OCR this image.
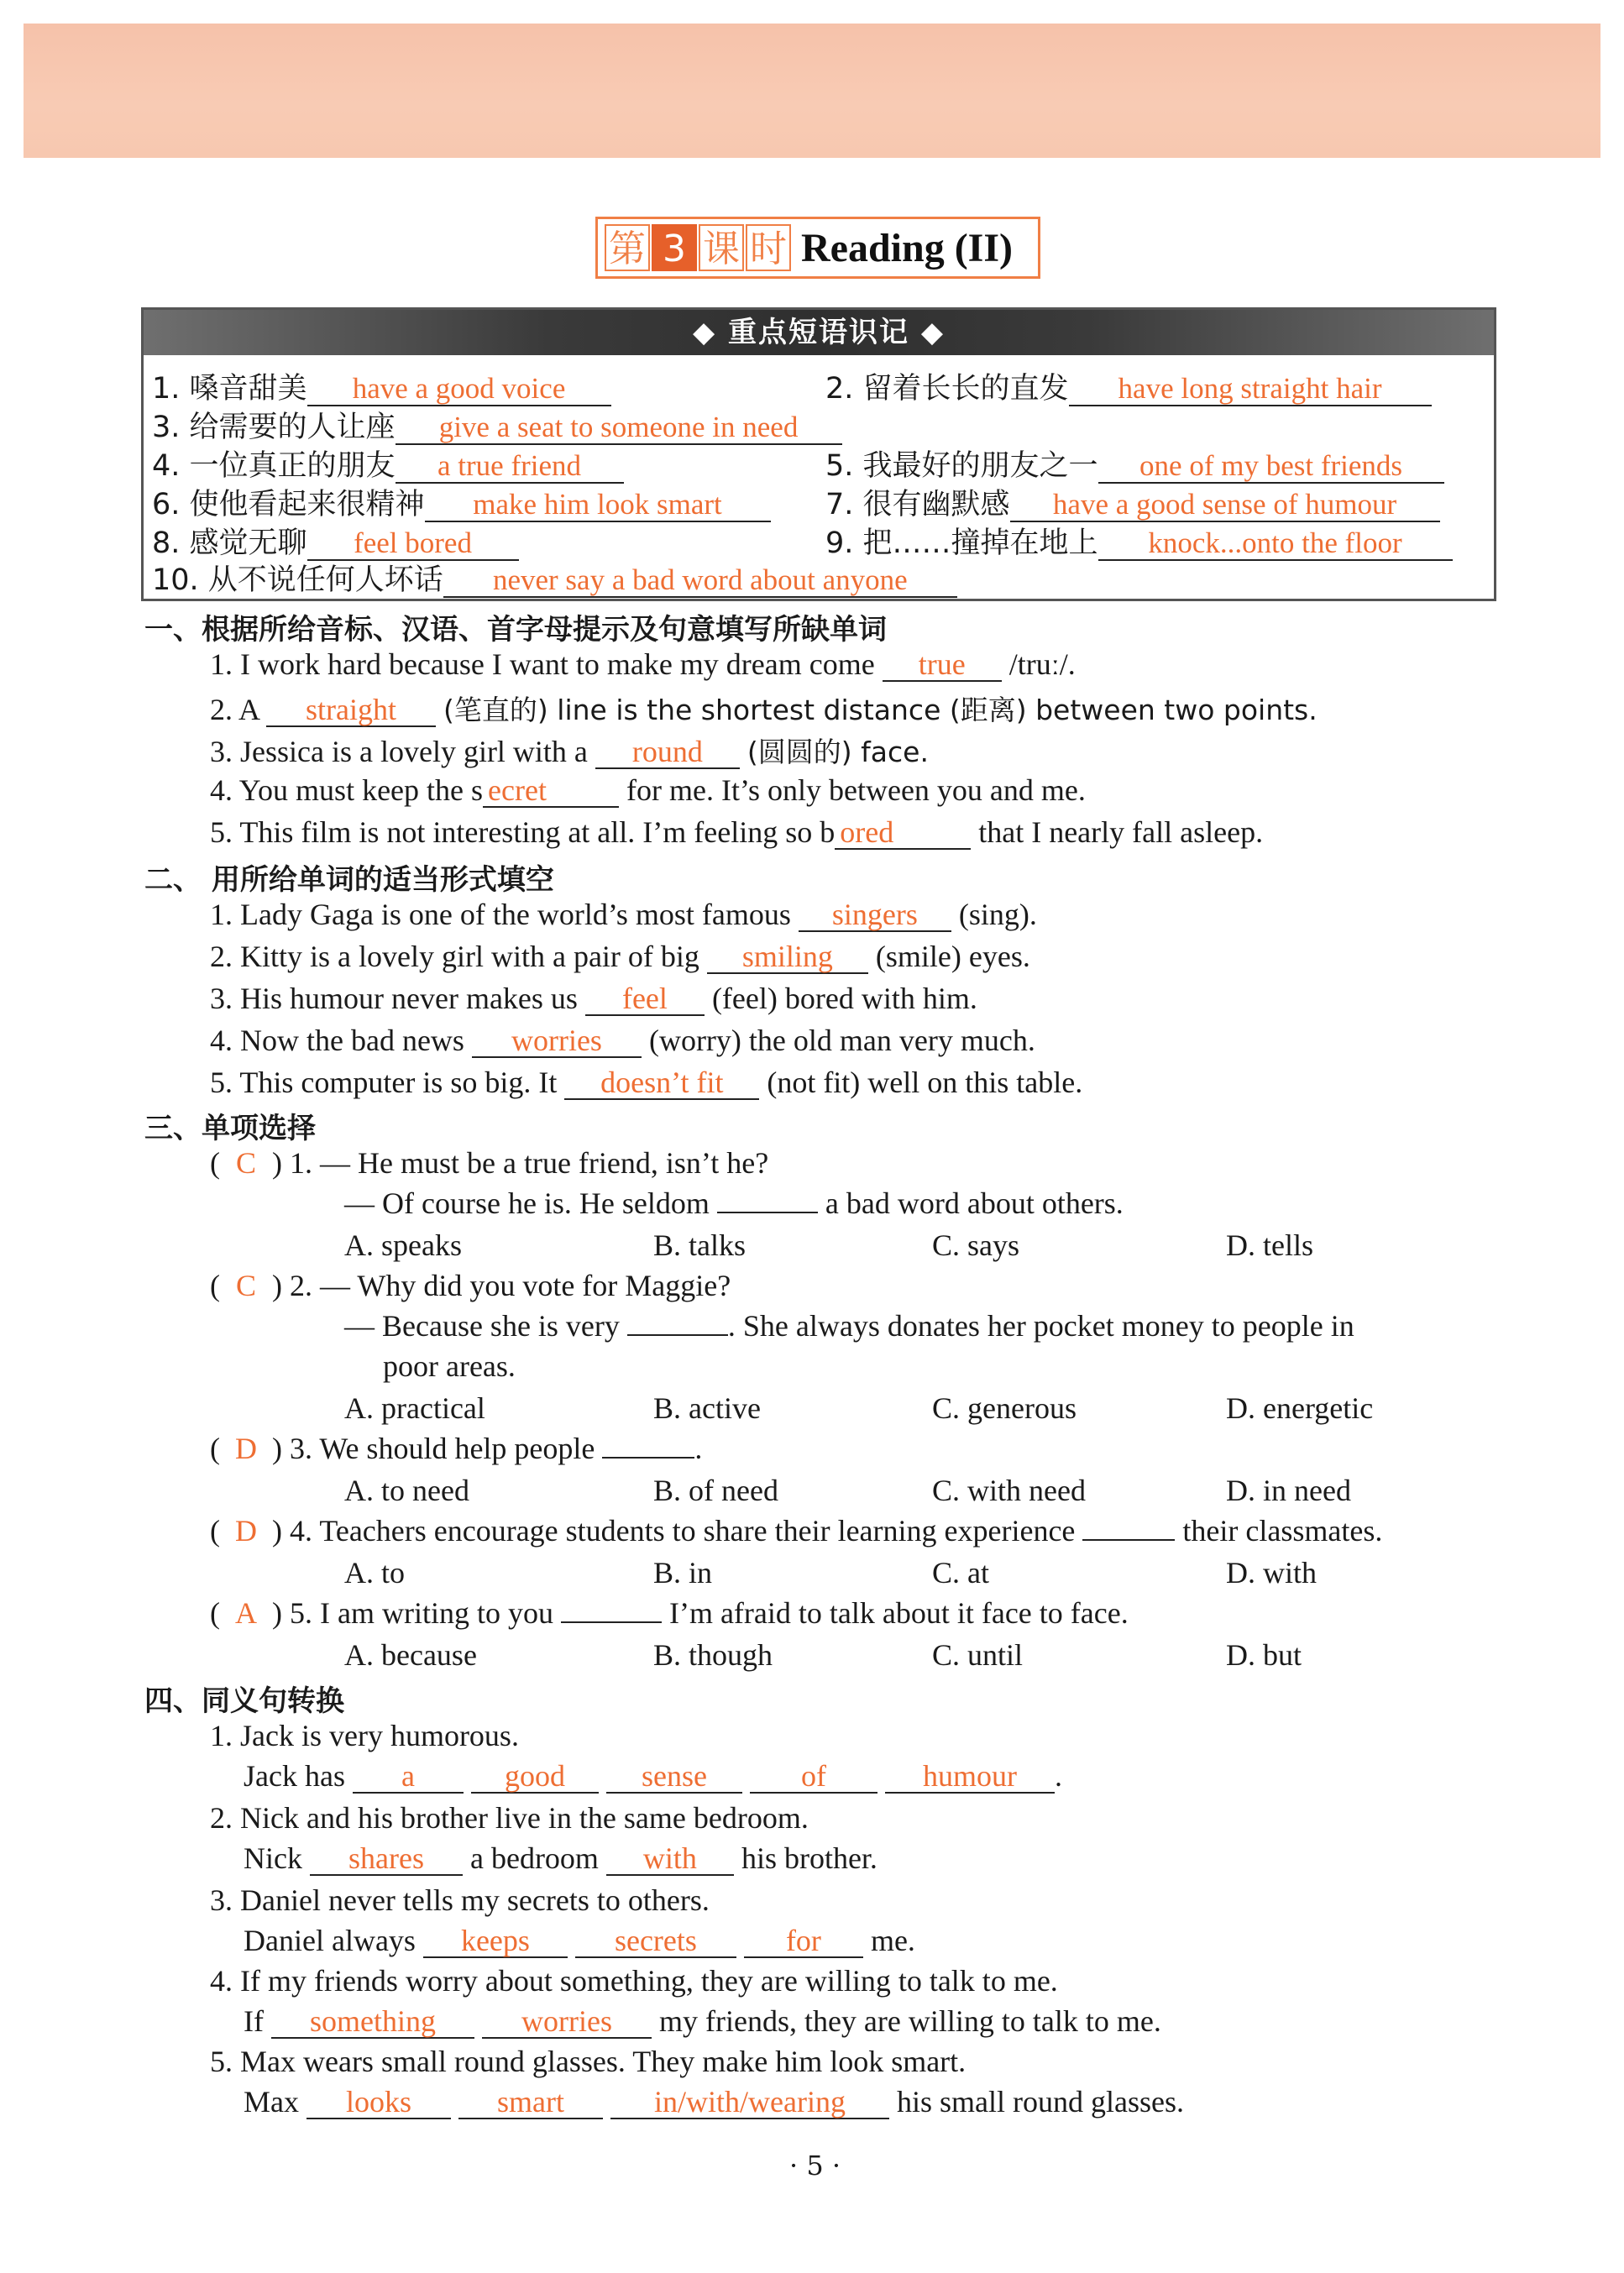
第 3 课 时 Reading (II)
◆ 重点短语识记 ◆
1. 嗓音甜美 have a good voice	2. 留着长长的直发 have long straight hair
3. 给需要的人让座 give a seat to someone in need
4. 一位真正的朋友 a true friend	5. 我最好的朋友之一 one of my best friends
6. 使他看起来很精神 make him look smart	7. 很有幽默感 have a good sense of humour
8. 感觉无聊 feel bored	9. 把……撞掉在地上 knock...onto the floor
10. 从不说任何人坏话 never say a bad word about anyone
一、根据所给音标、汉语、首字母提示及句意填写所缺单词
1. I work hard because I want to make my dream come true /truː/.
2. A straight (笔直的) line is the shortest distance (距离) between two points.
3. Jessica is a lovely girl with a round (圆圆的) face.
4. You must keep the s ecret	for me. It’s only between you and me.
5. This film is not interesting at all. I’m feeling so b ored	that I nearly fall asleep.
二、 用所给单词的适当形式填空
1. Lady Gaga is one of the world’s most famous singers (sing).
2. Kitty is a lovely girl with a pair of big smiling (smile) eyes.
3. His humour never makes us feel (feel) bored with him.
4. Now the bad news worries (worry) the old man very much.
5. This computer is so big. It doesn’t fit (not fit) well on this table.
三、单项选择
( C ) 1. — He must be a true friend, isn’t he?
— Of course he is. He seldom	a bad word about others.
A. speaks	B. talks	C. says	D. tells
( C ) 2. — Why did you vote for Maggie?
— Because she is very	. She always donates her pocket money to people in
poor areas.
A. practical	B. active	C. generous	D. energetic
( D ) 3. We should help people	.
A. to need	B. of need	C. with need	D. in need
( D ) 4. Teachers encourage students to share their learning experience	their classmates.
A. to	B. in	C. at	D. with
( A ) 5. I am writing to you	I’m afraid to talk about it face to face.
A. because	B. though	C. until	D. but
四、同义句转换
1. Jack is very humorous.
Jack has a	good	sense	of	humour .
2. Nick and his brother live in the same bedroom.
Nick shares a bedroom with his brother.
3. Daniel never tells my secrets to others.
Daniel always keeps	secrets	for me.
4. If my friends worry about something, they are willing to talk to me.
If something	worries my friends, they are willing to talk to me.
5. Max wears small round glasses. They make him look smart.
Max looks	smart	in/with/wearing his small round glasses.
· 5 ·
